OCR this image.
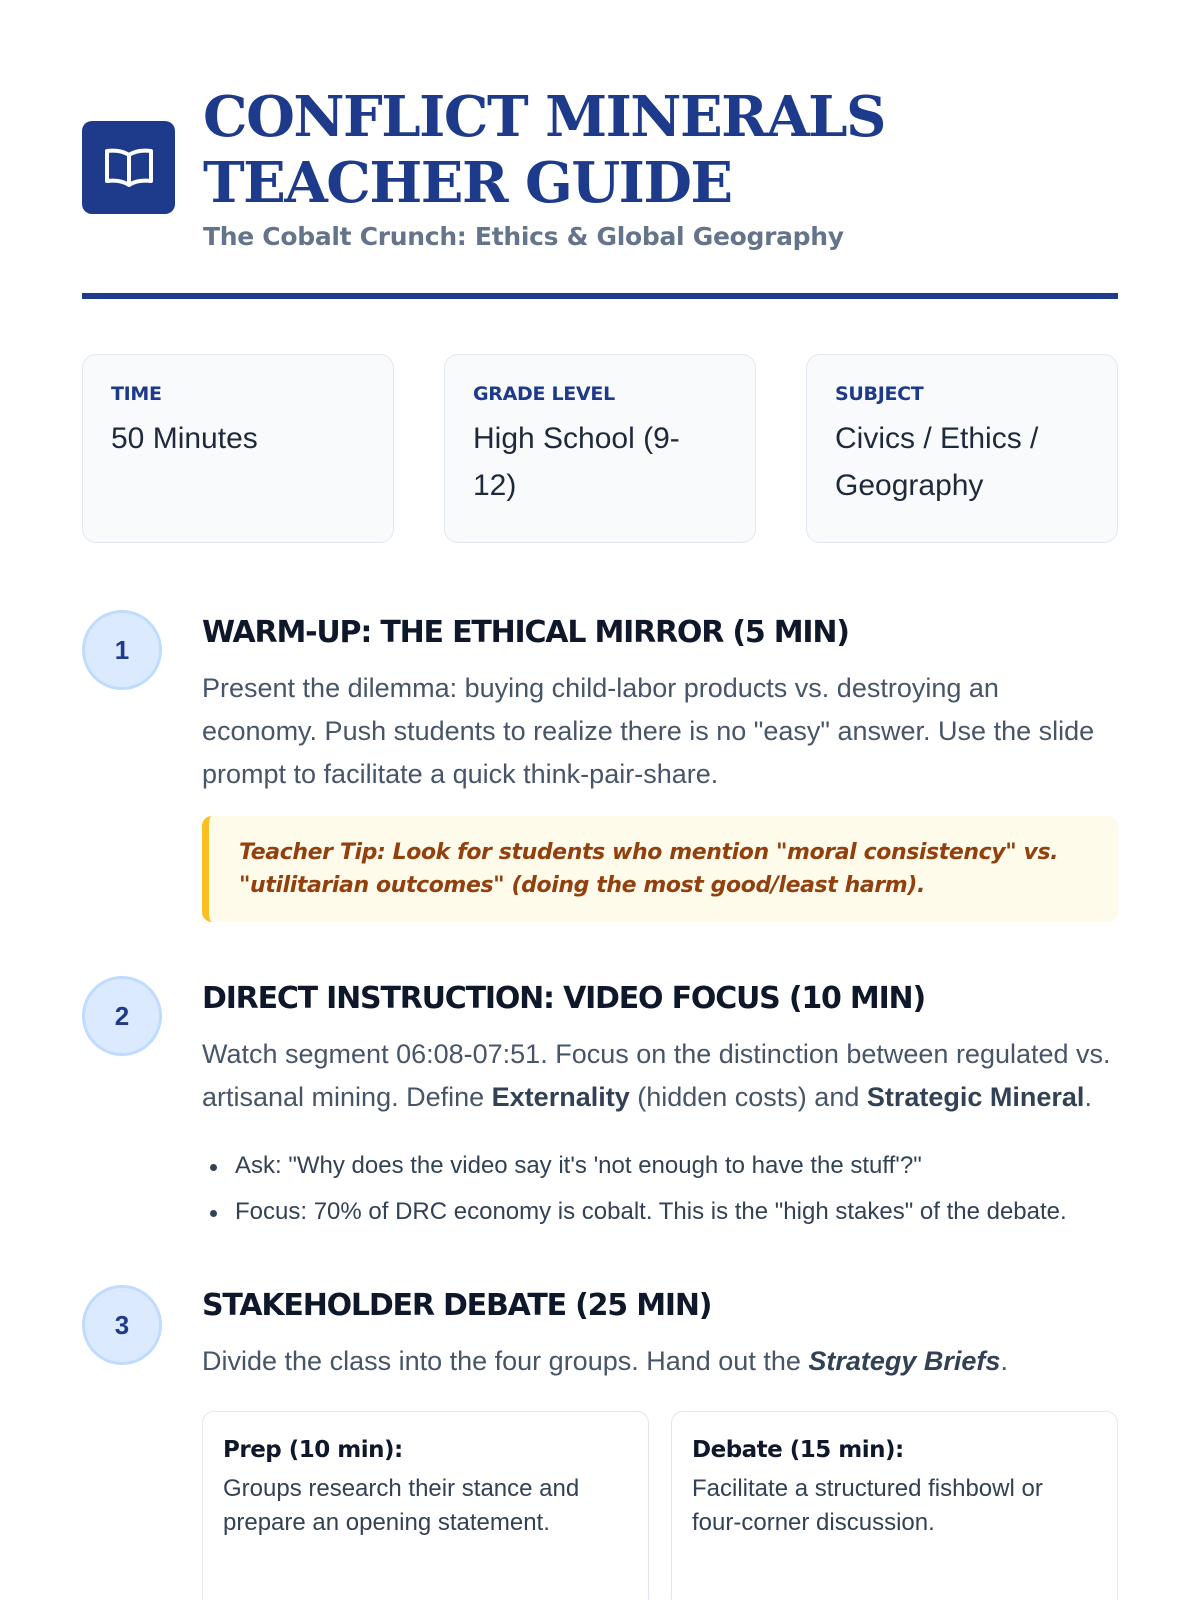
CONFLICT MINERALS
TEACHER GUIDE
The Cobalt Crunch: Ethics & Global Geography
TIME
50 Minutes
GRADE LEVEL
High School (9-12)
SUBJECT
Civics / Ethics / Geography
1	WARM-UP: THE ETHICAL MIRROR (5 MIN)

Present the dilemma: buying child-labor products vs. destroying an economy. Push students to realize there is no "easy" answer. Use the slide prompt to facilitate a quick think-pair-share.

Teacher Tip: Look for students who mention "moral consistency" vs. "utilitarian outcomes" (doing the most good/least harm).

2	DIRECT INSTRUCTION: VIDEO FOCUS (10 MIN)

Watch segment 06:08-07:51. Focus on the distinction between regulated vs. artisanal mining. Define Externality (hidden costs) and Strategic Mineral.

Ask: "Why does the video say it's 'not enough to have the stuff'?"
Focus: 70% of DRC economy is cobalt. This is the "high stakes" of the debate.
3
STAKEHOLDER DEBATE (25 MIN)

Divide the class into the four groups. Hand out the Strategy Briefs.

Prep (10 min):
Groups research their stance and prepare an opening statement.
Debate (15 min):
Facilitate a structured fishbowl or four-corner discussion.
